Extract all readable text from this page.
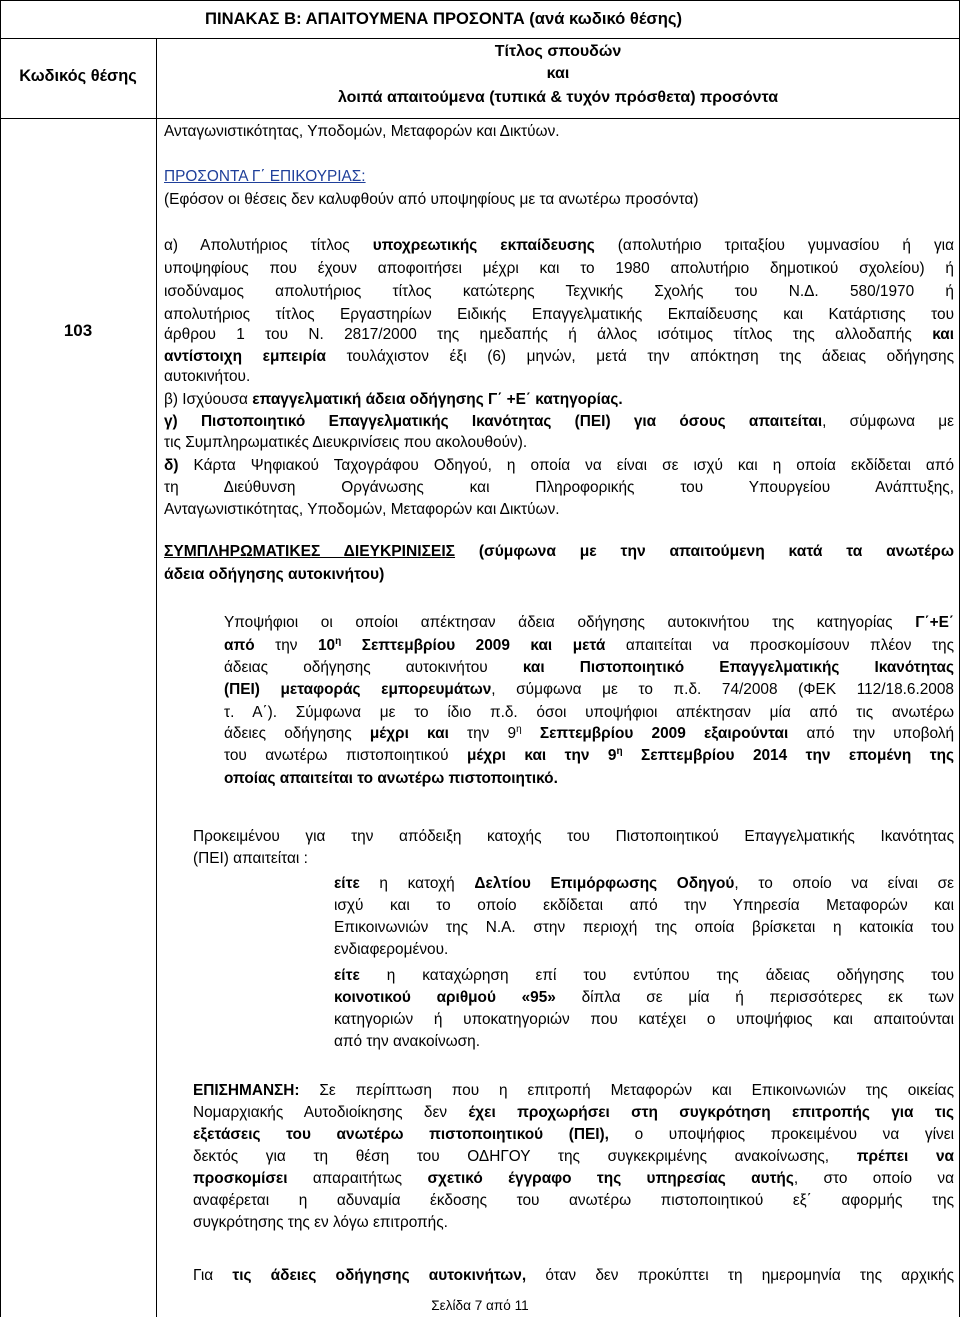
ΠΙΝΑΚΑΣ Β: ΑΠΑΙΤΟΥΜΕΝΑ ΠΡΟΣΟΝΤΑ (ανά κωδικό θέσης)
Κωδικός θέσης
Τίτλος σπουδών
και
λοιπά απαιτούμενα (τυπικά & τυχόν πρόσθετα) προσόντα
103
Ανταγωνιστικότητας, Υποδομών, Μεταφορών και Δικτύων.
ΠΡΟΣΟΝΤΑ Γ΄ ΕΠΙΚΟΥΡΙΑΣ:
(Εφόσον οι θέσεις δεν καλυφθούν από υποψηφίους με τα ανωτέρω προσόντα)
α) Απολυτήριος τίτλος υποχρεωτικής εκπαίδευσης (απολυτήριο τριταξίου γυμνασίου ή για
υποψηφίους που έχουν αποφοιτήσει μέχρι και το 1980 απολυτήριο δημοτικού σχολείου) ή
ισοδύναμος απολυτήριος τίτλος κατώτερης Τεχνικής Σχολής του Ν.Δ. 580/1970 ή
απολυτήριος τίτλος Εργαστηρίων Ειδικής Επαγγελματικής Εκπαίδευσης και Κατάρτισης του
άρθρου 1 του Ν. 2817/2000 της ημεδαπής ή άλλος ισότιμος τίτλος της αλλοδαπής και
αντίστοιχη εμπειρία τουλάχιστον έξι (6) μηνών, μετά την απόκτηση της άδειας οδήγησης
αυτοκινήτου.
β) Ισχύουσα επαγγελματική άδεια οδήγησης Γ΄ +Ε΄ κατηγορίας.
γ) Πιστοποιητικό Επαγγελματικής Ικανότητας (ΠΕΙ) για όσους απαιτείται, σύμφωνα με
τις Συμπληρωματικές Διευκρινίσεις που ακολουθούν).
δ) Κάρτα Ψηφιακού Ταχογράφου Οδηγού, η οποία να είναι σε ισχύ και η οποία εκδίδεται από
τη Διεύθυνση Οργάνωσης και Πληροφορικής του Υπουργείου Ανάπτυξης,
Ανταγωνιστικότητας, Υποδομών, Μεταφορών και Δικτύων.
ΣΥΜΠΛΗΡΩΜΑΤΙΚΕΣ ΔΙΕΥΚΡΙΝΙΣΕΙΣ (σύμφωνα με την απαιτούμενη κατά τα ανωτέρω
άδεια οδήγησης αυτοκινήτου)
Υποψήφιοι οι οποίοι απέκτησαν άδεια οδήγησης αυτοκινήτου της κατηγορίας Γ΄+Ε΄
από την $10^\eta$ Σεπτεμβρίου 2009 και μετά απαιτείται να προσκομίσουν πλέον της
άδειας οδήγησης αυτοκινήτου και Πιστοποιητικό Επαγγελματικής Ικανότητας
(ΠΕΙ) μεταφοράς εμπορευμάτων, σύμφωνα με το π.δ. 74/2008 (ΦΕΚ 112/18.6.2008
τ. Α΄). Σύμφωνα με το ίδιο π.δ. όσοι υποψήφιοι απέκτησαν μία από τις ανωτέρω
άδειες οδήγησης μέχρι και την $9^\eta$ Σεπτεμβρίου 2009 εξαιρούνται από την υποβολή
του ανωτέρω πιστοποιητικού μέχρι και την $9^\eta$ Σεπτεμβρίου 2014 την επομένη της
οποίας απαιτείται το ανωτέρω πιστοποιητικό.
Προκειμένου για την απόδειξη κατοχής του Πιστοποιητικού Επαγγελματικής Ικανότητας
(ΠΕΙ) απαιτείται :
είτε η κατοχή Δελτίου Επιμόρφωσης Οδηγού, το οποίο να είναι σε
ισχύ και το οποίο εκδίδεται από την Υπηρεσία Μεταφορών και
Επικοινωνιών της Ν.Α. στην περιοχή της οποία βρίσκεται η κατοικία του
ενδιαφερομένου.
είτε η καταχώρηση επί του εντύπου της άδειας οδήγησης του
κοινοτικού αριθμού «95» δίπλα σε μία ή περισσότερες εκ των
κατηγοριών ή υποκατηγοριών που κατέχει ο υποψήφιος και απαιτούνται
από την ανακοίνωση.
ΕΠΙΣΗΜΑΝΣΗ: Σε περίπτωση που η επιτροπή Μεταφορών και Επικοινωνιών της οικείας
Νομαρχιακής Αυτοδιοίκησης δεν έχει προχωρήσει στη συγκρότηση επιτροπής για τις
εξετάσεις του ανωτέρω πιστοποιητικού (ΠΕΙ), ο υποψήφιος προκειμένου να γίνει
δεκτός για τη θέση του ΟΔΗΓΟΥ της συγκεκριμένης ανακοίνωσης, πρέπει να
προσκομίσει απαραιτήτως σχετικό έγγραφο της υπηρεσίας αυτής, στο οποίο να
αναφέρεται η αδυναμία έκδοσης του ανωτέρω πιστοποιητικού εξ΄ αφορμής της
συγκρότησης της εν λόγω επιτροπής.
Για τις άδειες οδήγησης αυτοκινήτων, όταν δεν προκύπτει τη ημερομηνία της αρχικής
Σελίδα 7 από 11
